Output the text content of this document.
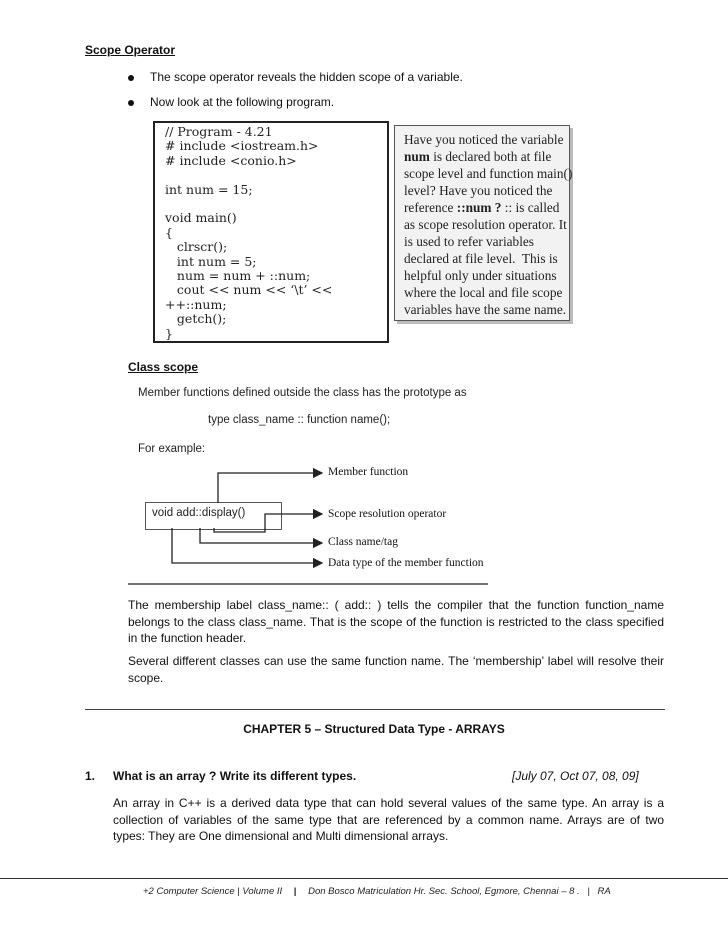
Scope Operator
The scope operator reveals the hidden scope of a variable.
Now look at the following program.
// Program - 4.21
# include <iostream.h>
# include <conio.h>

int num = 15;

void main()
{
clrscr();
int num = 5;
num = num + ::num;
cout << num << ‘\t’ <<
++::num;
getch();
}
Have you noticed the variable
num is declared both at file
scope level and function main()
level? Have you noticed the
reference ::num ? :: is called
as scope resolution operator. It
is used to refer variables
declared at file level.  This is
helpful only under situations
where the local and file scope
variables have the same name.
Class scope
Member functions defined outside the class has the prototype as
type class_name :: function name();
For example:
void add::display()
Member function
Scope resolution operator
Class name/tag
Data type of the member function
The membership label class_name:: ( add:: ) tells the compiler that the function function_name belongs to the class class_name. That is the scope of the function is restricted to the class specified in the function header.
Several different classes can use the same function name. The ‘membership’ label will resolve their scope.
CHAPTER 5 – Structured Data Type - ARRAYS
1. What is an array ? Write its different types.	[July 07, Oct 07, 08, 09]
An array in C++ is a derived data type that can hold several values of the same type. An array is a collection of variables of the same type that are referenced by a common name. Arrays are of two types: They are One dimensional and Multi dimensional arrays.
+2 Computer Science | Volume II | Don Bosco Matriculation Hr. Sec. School, Egmore, Chennai – 8 . | RA
